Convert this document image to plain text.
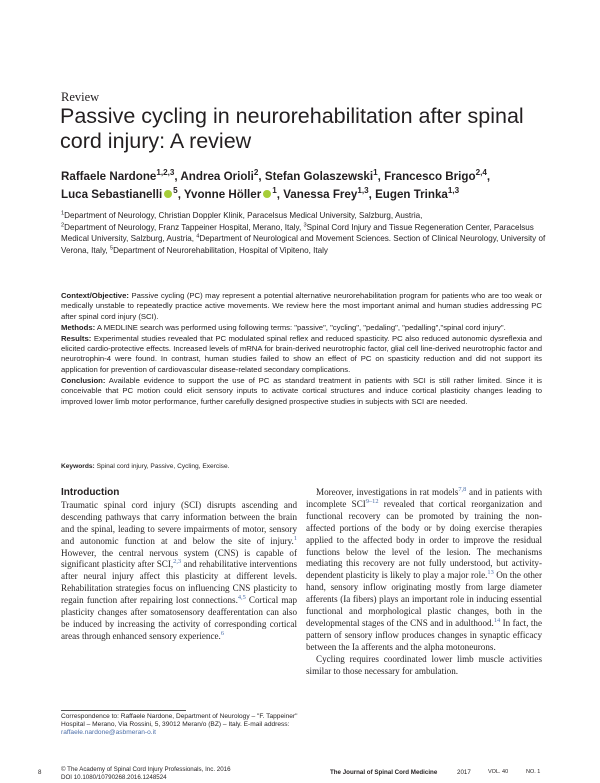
Review
Passive cycling in neurorehabilitation after spinal cord injury: A review
Raffaele Nardone$^{1,2,3}$, Andrea Orioli$^2$, Stefan Golaszewski$^1$, Francesco Brigo$^{2,4}$,
Luca Sebastianelli $^5$, Yvonne Höller $^1$, Vanessa Frey$^{1,3}$, Eugen Trinka$^{1,3}$
$^1$Department of Neurology, Christian Doppler Klinik, Paracelsus Medical University, Salzburg, Austria,
$^2$Department of Neurology, Franz Tappeiner Hospital, Merano, Italy, $^3$Spinal Cord Injury and Tissue Regeneration Center, Paracelsus Medical University, Salzburg, Austria, $^4$Department of Neurological and Movement Sciences. Section of Clinical Neurology, University of Verona, Italy, $^5$Department of Neurorehabilitation, Hospital of Vipiteno, Italy

Context/Objective: Passive cycling (PC) may represent a potential alternative neurorehabilitation program for patients who are too weak or medically unstable to repeatedly practice active movements. We review here the most important animal and human studies addressing PC after spinal cord injury (SCI).

Methods: A MEDLINE search was performed using following terms: "passive", "cycling", "pedaling", "pedalling","spinal cord injury".

Results: Experimental studies revealed that PC modulated spinal reflex and reduced spasticity. PC also reduced autonomic dysreflexia and elicited cardio-protective effects. Increased levels of mRNA for brain-derived neurotrophic factor, glial cell line-derived neurotrophic factor and neurotrophin-4 were found. In contrast, human studies failed to show an effect of PC on spasticity reduction and did not support its application for prevention of cardiovascular disease-related secondary complications.

Conclusion: Available evidence to support the use of PC as standard treatment in patients with SCI is still rather limited. Since it is conceivable that PC motion could elicit sensory inputs to activate cortical structures and induce cortical plasticity changes leading to improved lower limb motor performance, further carefully designed prospective studies in subjects with SCI are needed.

Keywords: Spinal cord injury, Passive, Cycling, Exercise.

Introduction

Traumatic spinal cord injury (SCI) disrupts ascending and descending pathways that carry information between the brain and the spinal, leading to severe impairments of motor, sensory and autonomic function at and below the site of injury.$^1$ However, the central nervous system (CNS) is capable of significant plasticity after SCI,$^{2,3}$ and rehabilitative interventions after neural injury affect this plasticity at different levels. Rehabilitation strategies focus on influencing CNS plasticity to regain function after repairing lost connections.$^{4,5}$ Cortical map plasticity changes after somatosensory deafferentation can also be induced by increasing the activity of corresponding cortical areas through enhanced sensory experience.$^6$

Moreover, investigations in rat models$^{7,8}$ and in patients with incomplete SCI$^{9-12}$ revealed that cortical reorganization and functional recovery can be promoted by training the non-affected portions of the body or by doing exercise therapies applied to the affected body in order to improve the residual functions below the level of the lesion. The mechanisms mediating this recovery are not fully understood, but activity-dependent plasticity is likely to play a major role.$^{13}$ On the other hand, sensory inflow originating mostly from large diameter afferents (Ia fibers) plays an important role in inducing essential functional and morphological plastic changes, both in the developmental stages of the CNS and in adulthood.$^{14}$ In fact, the pattern of sensory inflow produces changes in synaptic efficacy between the Ia afferents and the alpha motoneurons.

Cycling requires coordinated lower limb muscle activities similar to those necessary for ambulation.

Correspondence to: Raffaele Nardone, Department of Neurology – "F. Tappeiner" Hospital – Merano, Via Rossini, 5, 39012 Meran/o (BZ) – Italy. E-mail address: raffaele.nardone@asbmeran-o.it
8	© The Academy of Spinal Cord Injury Professionals, Inc. 2016
DOI 10.1080/10790268.2016.1248524
The Journal of Spinal Cord Medicine	2017	VOL. 40	NO. 1
